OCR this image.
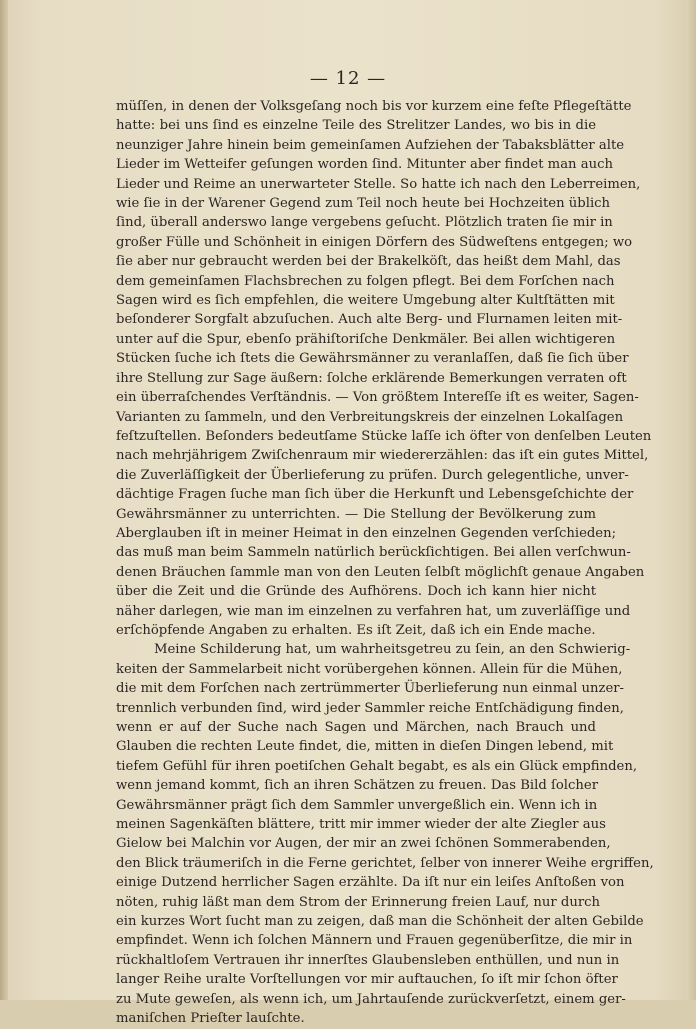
— 12 —
müſſen, in denen der Volksgeſang noch bis vor kurzem eine feſte Pflegeſtätte
hatte: bei uns ſind es einzelne Teile des Strelitzer Landes, wo bis in die
neunziger Jahre hinein beim gemeinſamen Aufziehen der Tabaksblätter alte
Lieder im Wetteifer geſungen worden ſind. Mitunter aber findet man auch
Lieder und Reime an unerwarteter Stelle. So hatte ich nach den Leberreimen,
wie ſie in der Warener Gegend zum Teil noch heute bei Hochzeiten üblich
ſind, überall anderswo lange vergebens geſucht. Plötzlich traten ſie mir in
großer Fülle und Schönheit in einigen Dörfern des Südweſtens entgegen; wo
ſie aber nur gebraucht werden bei der Brakelköſt, das heißt dem Mahl, das
dem gemeinſamen Flachsbrechen zu folgen pflegt. Bei dem Forſchen nach
Sagen wird es ſich empfehlen, die weitere Umgebung alter Kultſtätten mit
beſonderer Sorgfalt abzuſuchen. Auch alte Berg- und Flurnamen leiten mit-
unter auf die Spur, ebenſo prähiſtoriſche Denkmäler. Bei allen wichtigeren
Stücken ſuche ich ſtets die Gewährsmänner zu veranlaſſen, daß ſie ſich über
ihre Stellung zur Sage äußern: ſolche erklärende Bemerkungen verraten oft
ein überraſchendes Verſtändnis. — Von größtem Intereſſe iſt es weiter, Sagen-
Varianten zu ſammeln, und den Verbreitungskreis der einzelnen Lokalſagen
feſtzuſtellen. Beſonders bedeutſame Stücke laſſe ich öfter von denſelben Leuten
nach mehrjährigem Zwiſchenraum mir wiedererzählen: das iſt ein gutes Mittel,
die Zuverläſſigkeit der Überlieferung zu prüfen. Durch gelegentliche, unver-
dächtige Fragen ſuche man ſich über die Herkunft und Lebensgeſchichte der
Gewährsmänner zu unterrichten. — Die Stellung der Bevölkerung zum
Aberglauben iſt in meiner Heimat in den einzelnen Gegenden verſchieden;
das muß man beim Sammeln natürlich berückſichtigen. Bei allen verſchwun-
denen Bräuchen ſammle man von den Leuten ſelbſt möglichſt genaue Angaben
über die Zeit und die Gründe des Aufhörens. Doch ich kann hier nicht
näher darlegen, wie man im einzelnen zu verfahren hat, um zuverläſſige und
erſchöpfende Angaben zu erhalten. Es iſt Zeit, daß ich ein Ende mache.
Meine Schilderung hat, um wahrheitsgetreu zu ſein, an den Schwierig-
keiten der Sammelarbeit nicht vorübergehen können. Allein für die Mühen,
die mit dem Forſchen nach zertrümmerter Überlieferung nun einmal unzer-
trennlich verbunden ſind, wird jeder Sammler reiche Entſchädigung finden,
wenn er auf der Suche nach Sagen und Märchen, nach Brauch und
Glauben die rechten Leute findet, die, mitten in dieſen Dingen lebend, mit
tiefem Gefühl für ihren poetiſchen Gehalt begabt, es als ein Glück empfinden,
wenn jemand kommt, ſich an ihren Schätzen zu freuen. Das Bild ſolcher
Gewährsmänner prägt ſich dem Sammler unvergeßlich ein. Wenn ich in
meinen Sagenkäſten blättere, tritt mir immer wieder der alte Ziegler aus
Gielow bei Malchin vor Augen, der mir an zwei ſchönen Sommerabenden,
den Blick träumeriſch in die Ferne gerichtet, ſelber von innerer Weihe ergriffen,
einige Dutzend herrlicher Sagen erzählte. Da iſt nur ein leiſes Anſtoßen von
nöten, ruhig läßt man dem Strom der Erinnerung freien Lauf, nur durch
ein kurzes Wort ſucht man zu zeigen, daß man die Schönheit der alten Gebilde
empfindet. Wenn ich ſolchen Männern und Frauen gegenüberſitze, die mir in
rückhaltloſem Vertrauen ihr innerſtes Glaubensleben enthüllen, und nun in
langer Reihe uralte Vorſtellungen vor mir auftauchen, ſo iſt mir ſchon öfter
zu Mute geweſen, als wenn ich, um Jahrtauſende zurückverſetzt, einem ger-
maniſchen Prieſter lauſchte.
